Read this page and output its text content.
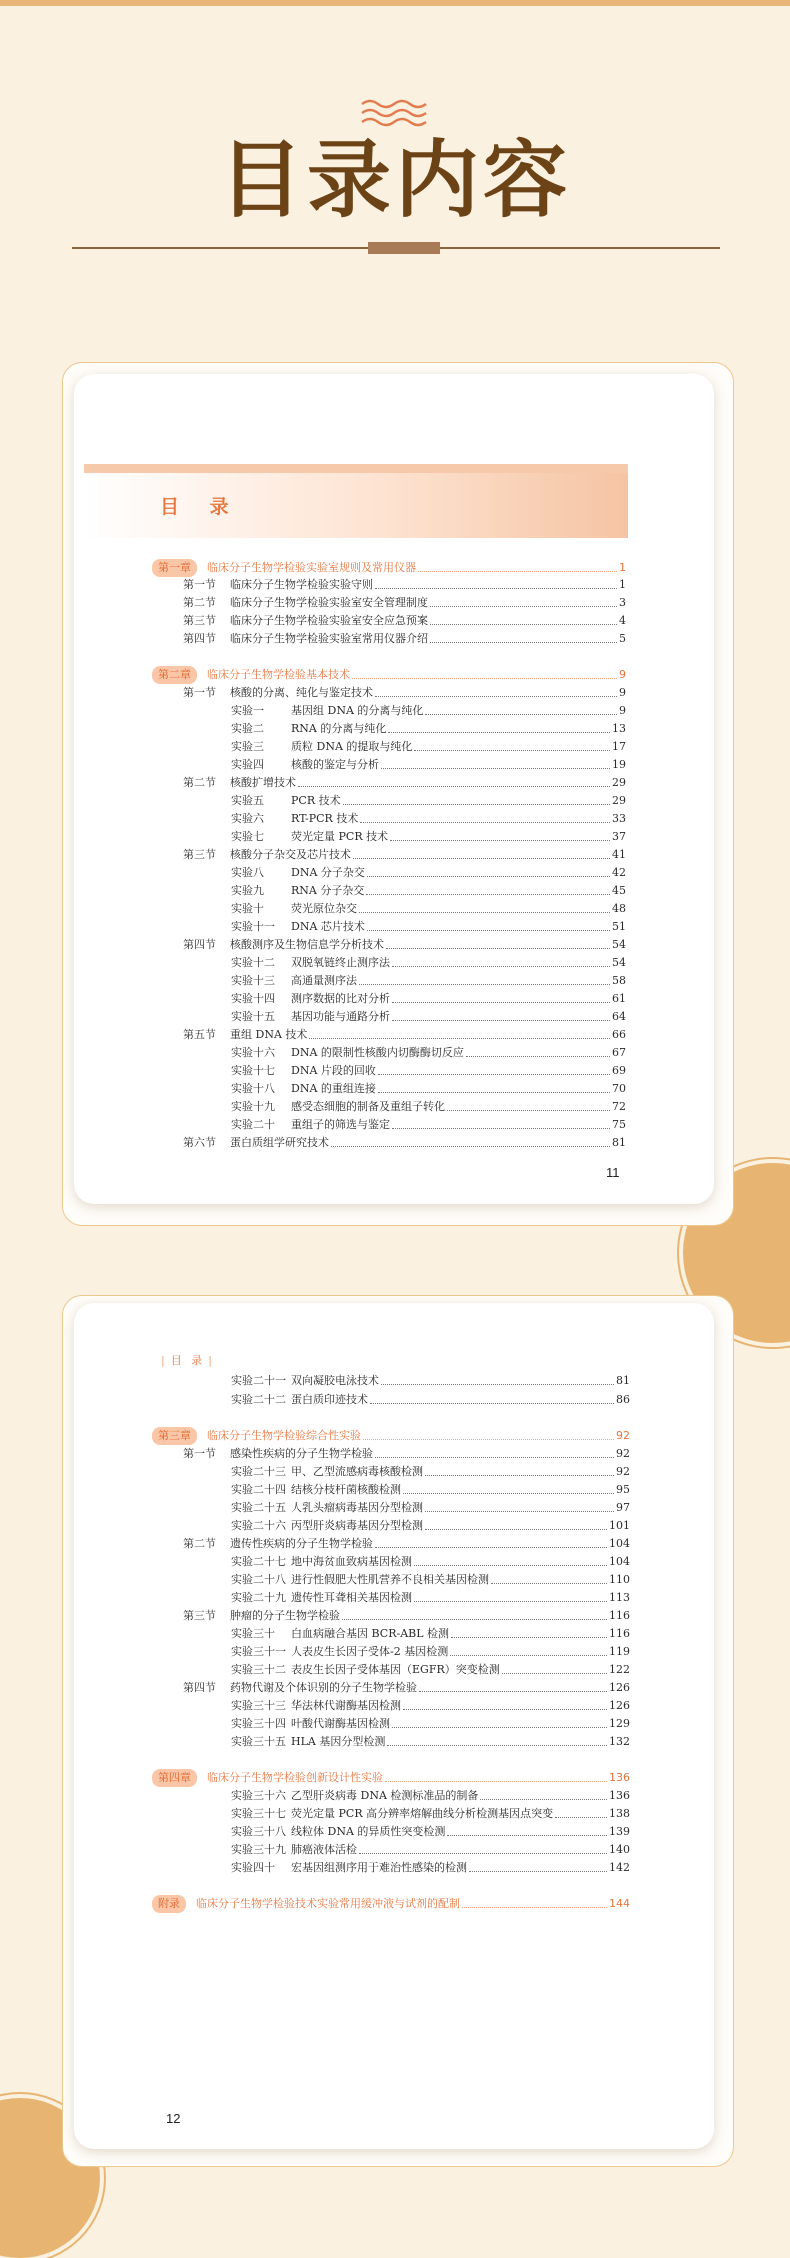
目录内容
目 录
第一章	临床分子生物学检验实验室规则及常用仪器	1
第一节	临床分子生物学检验实验守则	1
第二节	临床分子生物学检验实验室安全管理制度	3
第三节	临床分子生物学检验实验室安全应急预案	4
第四节	临床分子生物学检验实验室常用仪器介绍	5
第二章	临床分子生物学检验基本技术	9
第一节	核酸的分离、纯化与鉴定技术	9
实验一	基因组 DNA 的分离与纯化	9
实验二	RNA 的分离与纯化	13
实验三	质粒 DNA 的提取与纯化	17
实验四	核酸的鉴定与分析	19
第二节	核酸扩增技术	29
实验五	PCR 技术	29
实验六	RT-PCR 技术	33
实验七	荧光定量 PCR 技术	37
第三节	核酸分子杂交及芯片技术	41
实验八	DNA 分子杂交	42
实验九	RNA 分子杂交	45
实验十	荧光原位杂交	48
实验十一	DNA 芯片技术	51
第四节	核酸测序及生物信息学分析技术	54
实验十二	双脱氧链终止测序法	54
实验十三	高通量测序法	58
实验十四	测序数据的比对分析	61
实验十五	基因功能与通路分析	64
第五节	重组 DNA 技术	66
实验十六	DNA 的限制性核酸内切酶酶切反应	67
实验十七	DNA 片段的回收	69
实验十八	DNA 的重组连接	70
实验十九	感受态细胞的制备及重组子转化	72
实验二十	重组子的筛选与鉴定	75
第六节	蛋白质组学研究技术	81
11
| 目 录 |
实验二十一 双向凝胶电泳技术	81
实验二十二 蛋白质印迹技术	86
第三章	临床分子生物学检验综合性实验	92
第一节	感染性疾病的分子生物学检验	92
实验二十三 甲、乙型流感病毒核酸检测	92
实验二十四 结核分枝杆菌核酸检测	95
实验二十五 人乳头瘤病毒基因分型检测	97
实验二十六 丙型肝炎病毒基因分型检测	101
第二节	遗传性疾病的分子生物学检验	104
实验二十七 地中海贫血致病基因检测	104
实验二十八 进行性假肥大性肌营养不良相关基因检测	110
实验二十九 遗传性耳聋相关基因检测	113
第三节	肿瘤的分子生物学检验	116
实验三十	白血病融合基因 BCR-ABL 检测	116
实验三十一 人表皮生长因子受体-2 基因检测	119
实验三十二 表皮生长因子受体基因（EGFR）突变检测	122
第四节	药物代谢及个体识别的分子生物学检验	126
实验三十三 华法林代谢酶基因检测	126
实验三十四 叶酸代谢酶基因检测	129
实验三十五 HLA 基因分型检测	132
第四章	临床分子生物学检验创新设计性实验	136
实验三十六 乙型肝炎病毒 DNA 检测标准品的制备	136
实验三十七 荧光定量 PCR 高分辨率熔解曲线分析检测基因点突变	138
实验三十八 线粒体 DNA 的异质性突变检测	139
实验三十九 肺癌液体活检	140
实验四十	宏基因组测序用于难治性感染的检测	142
附录	临床分子生物学检验技术实验常用缓冲液与试剂的配制	144
12
